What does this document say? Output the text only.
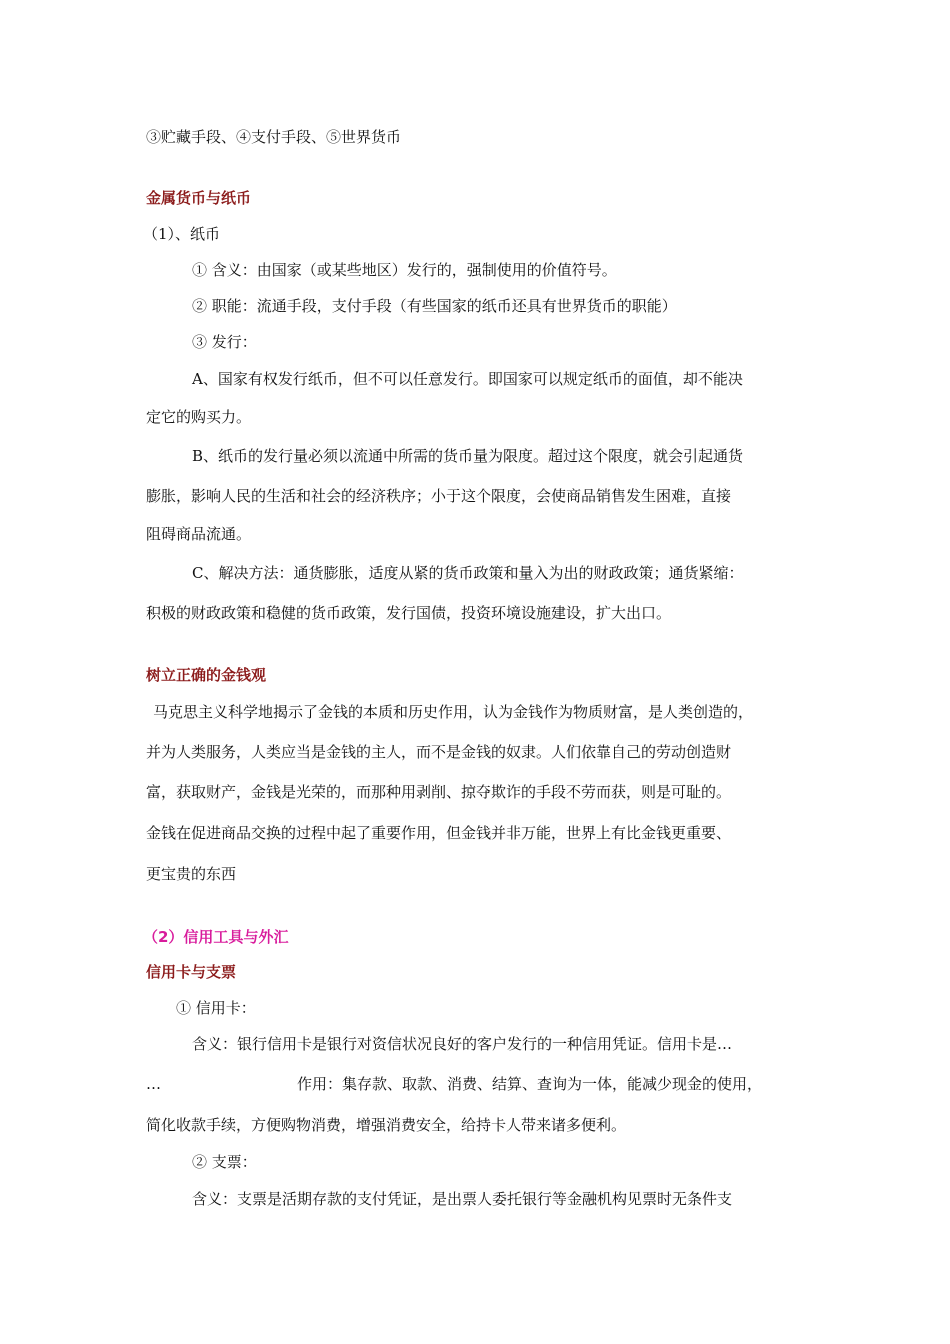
③贮藏手段、④支付手段、⑤世界货币
金属货币与纸币
（1）、纸币
① 含义：由国家（或某些地区）发行的，强制使用的价值符号。
② 职能：流通手段，支付手段（有些国家的纸币还具有世界货币的职能）
③ 发行：
A、国家有权发行纸币，但不可以任意发行。即国家可以规定纸币的面值，却不能决
定它的购买力。
B、纸币的发行量必须以流通中所需的货币量为限度。超过这个限度，就会引起通货
膨胀，影响人民的生活和社会的经济秩序；小于这个限度，会使商品销售发生困难，直接
阻碍商品流通。
C、解决方法：通货膨胀，适度从紧的货币政策和量入为出的财政政策；通货紧缩：
积极的财政政策和稳健的货币政策，发行国债，投资环境设施建设，扩大出口。
树立正确的金钱观
马克思主义科学地揭示了金钱的本质和历史作用，认为金钱作为物质财富，是人类创造的，
并为人类服务，人类应当是金钱的主人，而不是金钱的奴隶。人们依靠自己的劳动创造财
富，获取财产，金钱是光荣的，而那种用剥削、掠夺欺诈的手段不劳而获，则是可耻的。
金钱在促进商品交换的过程中起了重要作用，但金钱并非万能，世界上有比金钱更重要、
更宝贵的东西
（2）信用工具与外汇
信用卡与支票
① 信用卡：
含义：银行信用卡是银行对资信状况良好的客户发行的一种信用凭证。信用卡是…
…	作用：集存款、取款、消费、结算、查询为一体，能减少现金的使用，
简化收款手续，方便购物消费，增强消费安全，给持卡人带来诸多便利。
② 支票：
含义：支票是活期存款的支付凭证，是出票人委托银行等金融机构见票时无条件支
